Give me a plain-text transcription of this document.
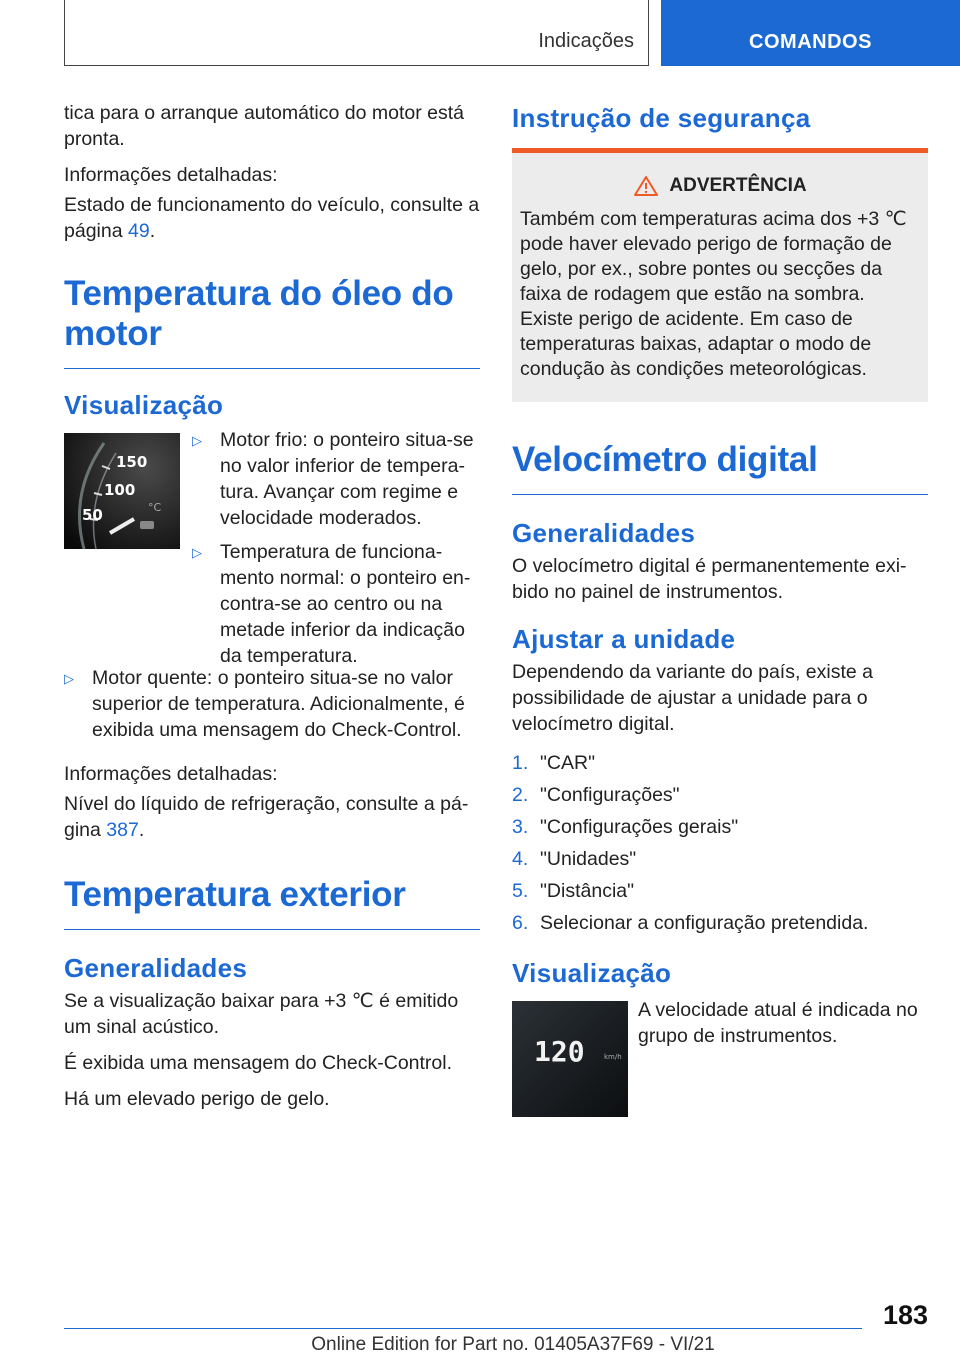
Indicações	COMANDOS

tica para o arranque automático do motor está pronta.

Informações detalhadas:

Estado de funcionamento do veículo, consulte a página 49.

Temperatura do óleo do motor
Visualização
150
100
50	°C
▷
Motor frio: o ponteiro situa-se no valor inferior de temperatura. Avançar com regime e velocidade moderados.
▷
Temperatura de funcionamento normal: o ponteiro encontra-se ao centro ou na metade inferior da indicação da temperatura.
▷
Motor quente: o ponteiro situa-se no valor superior de temperatura. Adicionalmente, é exibida uma mensagem do Check-Control.

Informações detalhadas:

Nível do líquido de refrigeração, consulte a página 387.

Temperatura exterior
Generalidades

Se a visualização baixar para +3 ℃ é emitido um sinal acústico.

É exibida uma mensagem do Check-Control.

Há um elevado perigo de gelo.

Instrução de segurança
ADVERTÊNCIA

Também com temperaturas acima dos +3 ℃ pode haver elevado perigo de formação de gelo, por ex., sobre pontes ou secções da faixa de rodagem que estão na sombra. Existe perigo de acidente. Em caso de temperaturas baixas, adaptar o modo de condução às condições meteorológicas.

Velocímetro digital
Generalidades

O velocímetro digital é permanentemente exibido no painel de instrumentos.

Ajustar a unidade

Dependendo da variante do país, existe a possibilidade de ajustar a unidade para o velocímetro digital.

1. "CAR"
2. "Configurações"
3. "Configurações gerais"
4. "Unidades"
5. "Distância"
6. Selecionar a configuração pretendida.
Visualização
120	km/h

A velocidade atual é indicada no grupo de instrumentos.

183
Online Edition for Part no. 01405A37F69 - VI/21
